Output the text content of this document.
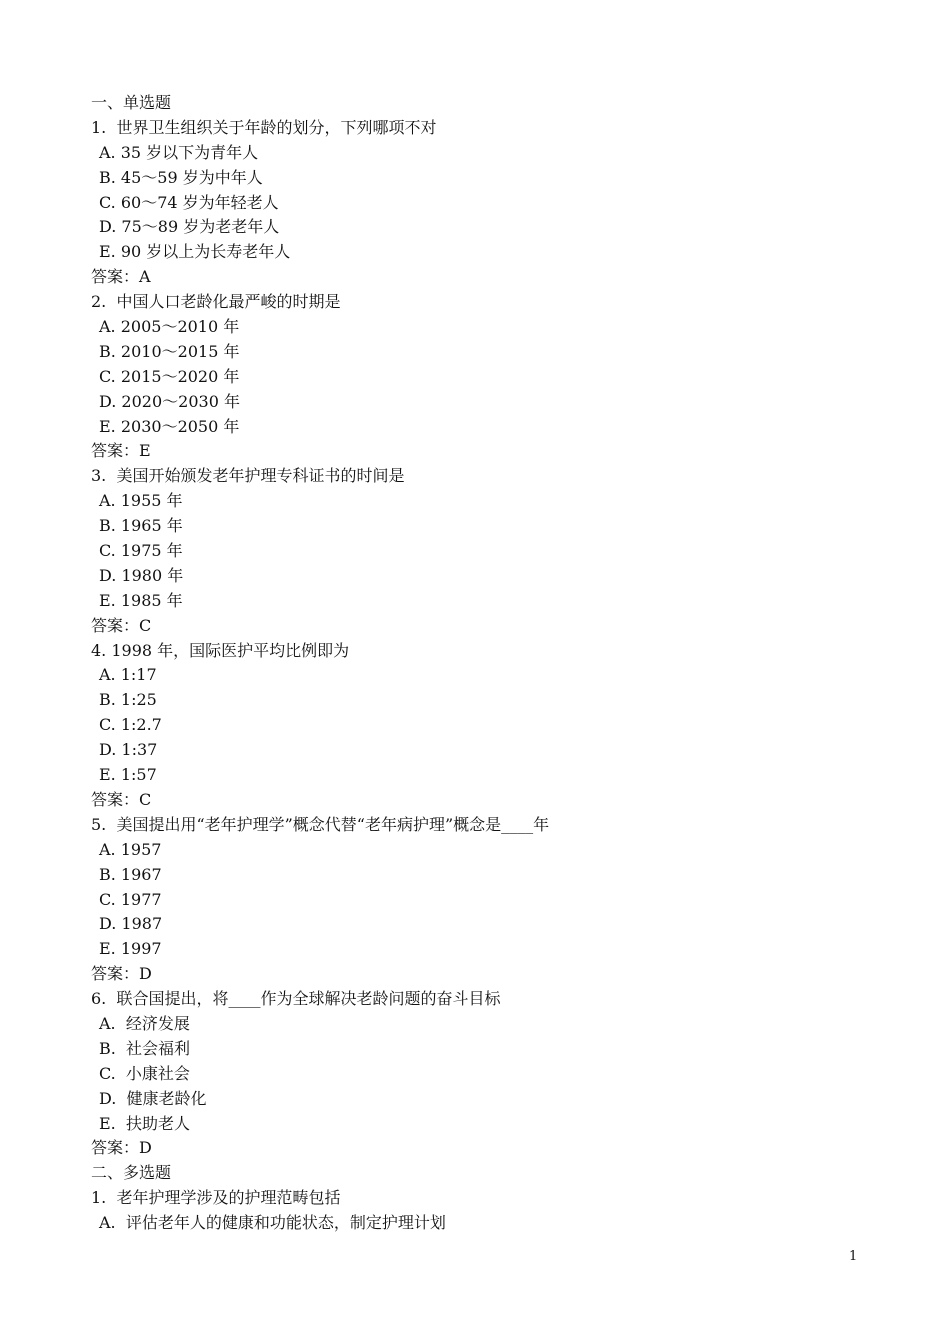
一、单选题
1.  世界卫生组织关于年龄的划分，下列哪项不对
A. 35 岁以下为青年人
B. 45～59 岁为中年人
C. 60～74 岁为年轻老人
D. 75～89 岁为老老年人
E. 90 岁以上为长寿老年人
答案：A
2.  中国人口老龄化最严峻的时期是
A. 2005～2010 年
B. 2010～2015 年
C. 2015～2020 年
D. 2020～2030 年
E. 2030～2050 年
答案：E
3.  美国开始颁发老年护理专科证书的时间是
A. 1955 年
B. 1965 年
C. 1975 年
D. 1980 年
E. 1985 年
答案：C
4. 1998 年，国际医护平均比例即为
A. 1:17
B. 1:25
C. 1:2.7
D. 1:37
E. 1:57
答案：C
5.  美国提出用“老年护理学”概念代替“老年病护理”概念是____年
A. 1957
B. 1967
C. 1977
D. 1987
E. 1997
答案：D
6.  联合国提出，将____作为全球解决老龄问题的奋斗目标
A.  经济发展
B.  社会福利
C.  小康社会
D.  健康老龄化
E.  扶助老人
答案：D
二、多选题
1.  老年护理学涉及的护理范畴包括
A.  评估老年人的健康和功能状态，制定护理计划
1
